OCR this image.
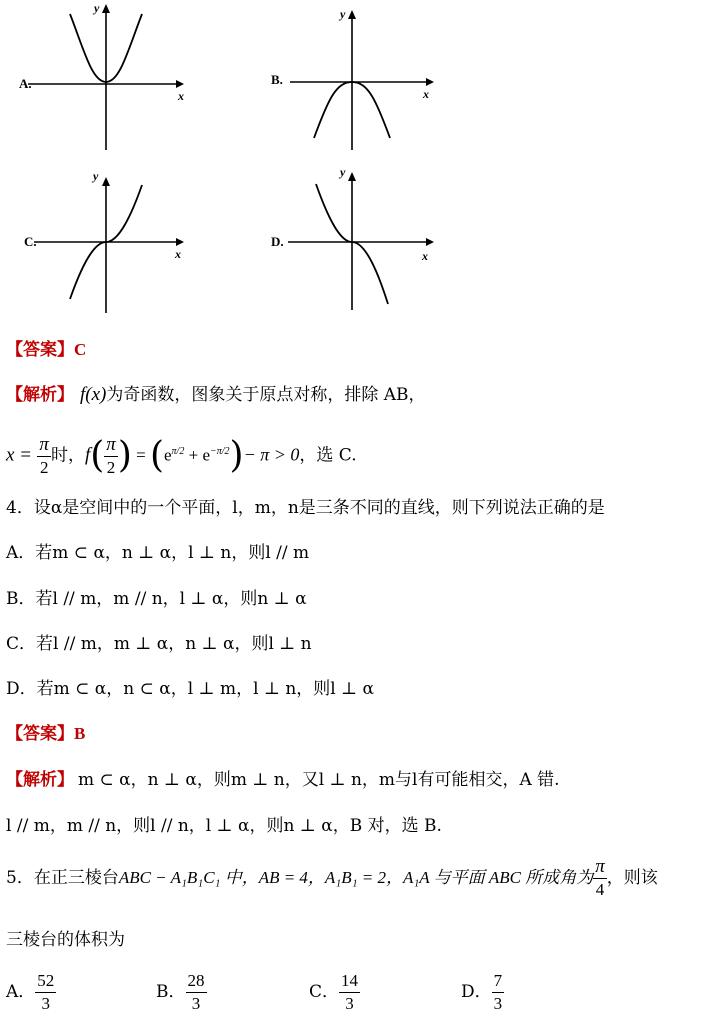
A.
x
y
B.
x
y
C.
x
y
D.
x
y
【答案】C
【解析】 f(x)为奇函数，图象关于原点对称，排除 AB，
$x = \frac{\pi}{2}$ 时，$f( \frac{\pi}{2}$ ) = $(e^{\pi/2} + e^{-\pi/2})- \pi > 0$，选 C.
4．设α是空间中的一个平面，l，m，n是三条不同的直线，则下列说法正确的是
A．若m ⊂ α，n ⊥ α，l ⊥ n，则l // m
B．若l // m，m // n，l ⊥ α，则n ⊥ α
C．若l // m，m ⊥ α，n ⊥ α，则l ⊥ n
D．若m ⊂ α，n ⊂ α，l ⊥ m，l ⊥ n，则l ⊥ α
【答案】B
【解析】 m ⊂ α，n ⊥ α，则m ⊥ n，又l ⊥ n，m与l有可能相交，A 错.
l // m，m // n，则l // n，l ⊥ α，则n ⊥ α，B 对，选 B.
5．在正三棱台ABC − A₁B₁C₁ 中，AB = 4，A₁B₁ = 2，A₁A 与平面 ABC 所成角为 $\frac{\pi}{4}$ ，则该
三棱台的体积为
A． $\frac{52}{3}$	B． $\frac{28}{3}$	C． $\frac{14}{3}$	D． $\frac{7}{3}$
